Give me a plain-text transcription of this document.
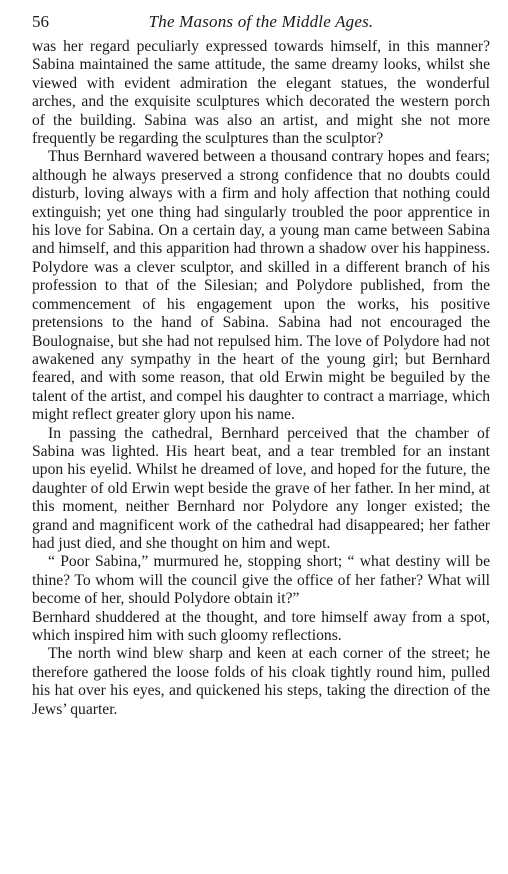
56	The Masons of the Middle Ages.

was her regard peculiarly expressed towards himself, in this manner? Sabina maintained the same attitude, the same dreamy looks, whilst she viewed with evident admiration the elegant statues, the wonderful arches, and the exquisite sculptures which decorated the western porch of the building. Sabina was also an artist, and might she not more frequently be regarding the sculptures than the sculptor?

Thus Bernhard wavered between a thousand contrary hopes and fears; although he always preserved a strong confidence that no doubts could disturb, loving always with a firm and holy affection that nothing could extinguish; yet one thing had singularly troubled the poor apprentice in his love for Sabina. On a certain day, a young man came between Sabina and himself, and this apparition had thrown a shadow over his happiness. Polydore was a clever sculptor, and skilled in a different branch of his profession to that of the Silesian; and Polydore published, from the commencement of his engagement upon the works, his positive pretensions to the hand of Sabina. Sabina had not encouraged the Boulognaise, but she had not repulsed him. The love of Polydore had not awakened any sympathy in the heart of the young girl; but Bernhard feared, and with some reason, that old Erwin might be beguiled by the talent of the artist, and compel his daughter to contract a marriage, which might reflect greater glory upon his name.

In passing the cathedral, Bernhard perceived that the chamber of Sabina was lighted. His heart beat, and a tear trembled for an instant upon his eyelid. Whilst he dreamed of love, and hoped for the future, the daughter of old Erwin wept beside the grave of her father. In her mind, at this moment, neither Bernhard nor Polydore any longer existed; the grand and magnificent work of the cathedral had disappeared; her father had just died, and she thought on him and wept.

“ Poor Sabina,” murmured he, stopping short; “ what destiny will be thine? To whom will the council give the office of her father? What will become of her, should Polydore obtain it?”

Bernhard shuddered at the thought, and tore himself away from a spot, which inspired him with such gloomy reflections.

The north wind blew sharp and keen at each corner of the street; he therefore gathered the loose folds of his cloak tightly round him, pulled his hat over his eyes, and quickened his steps, taking the direction of the Jews’ quarter.
